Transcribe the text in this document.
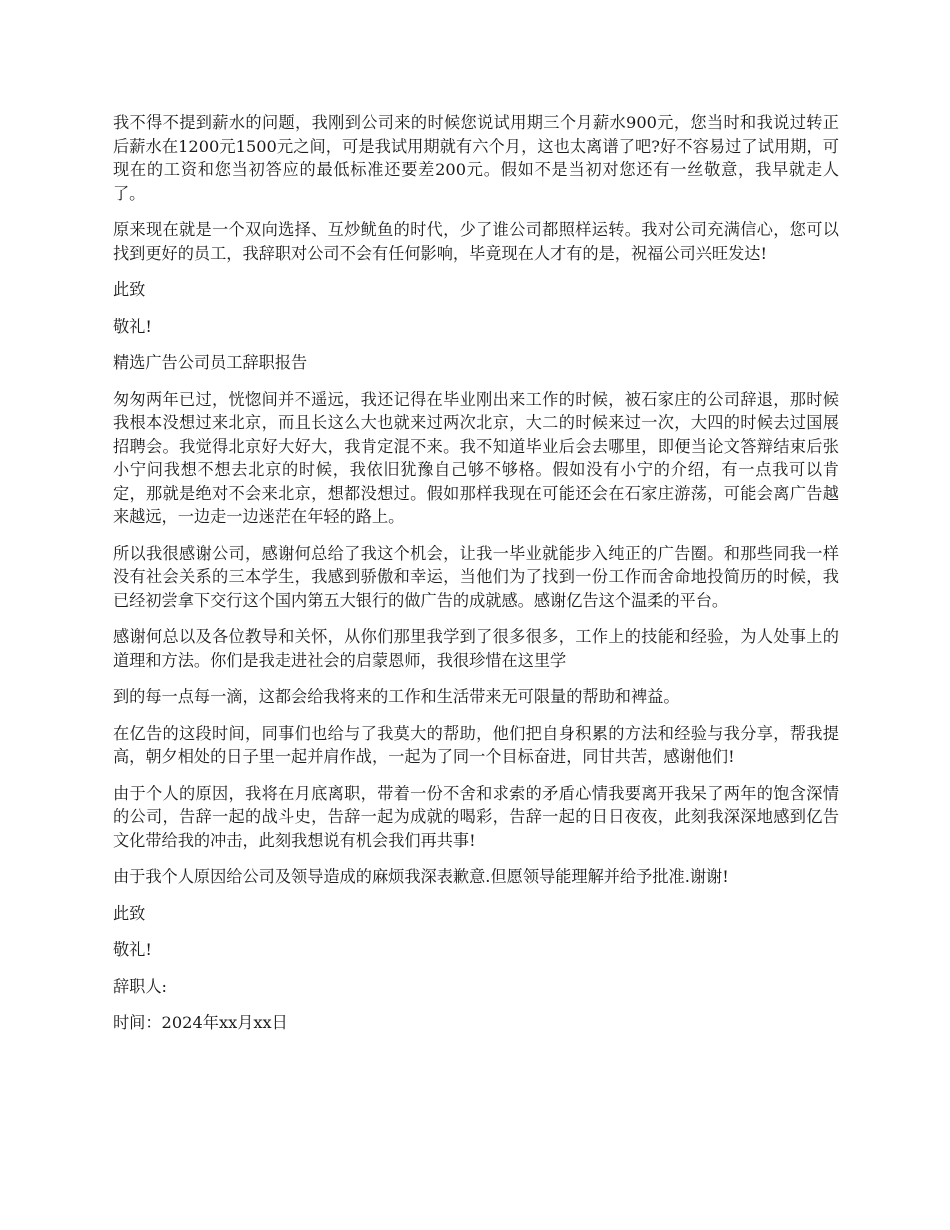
我不得不提到薪水的问题，我刚到公司来的时候您说试用期三个月薪水900元，您当时和我说过转正后薪水在1200元1500元之间，可是我试用期就有六个月，这也太离谱了吧?好不容易过了试用期，可现在的工资和您当初答应的最低标准还要差200元。假如不是当初对您还有一丝敬意，我早就走人了。

原来现在就是一个双向选择、互炒鱿鱼的时代，少了谁公司都照样运转。我对公司充满信心，您可以找到更好的员工，我辞职对公司不会有任何影响，毕竟现在人才有的是，祝福公司兴旺发达!

此致

敬礼!

精选广告公司员工辞职报告

匆匆两年已过，恍惚间并不遥远，我还记得在毕业刚出来工作的时候，被石家庄的公司辞退，那时候我根本没想过来北京，而且长这么大也就来过两次北京，大二的时候来过一次，大四的时候去过国展招聘会。我觉得北京好大好大，我肯定混不来。我不知道毕业后会去哪里，即便当论文答辩结束后张小宁问我想不想去北京的时候，我依旧犹豫自己够不够格。假如没有小宁的介绍，有一点我可以肯定，那就是绝对不会来北京，想都没想过。假如那样我现在可能还会在石家庄游荡，可能会离广告越来越远，一边走一边迷茫在年轻的路上。

所以我很感谢公司，感谢何总给了我这个机会，让我一毕业就能步入纯正的广告圈。和那些同我一样没有社会关系的三本学生，我感到骄傲和幸运，当他们为了找到一份工作而舍命地投简历的时候，我已经初尝拿下交行这个国内第五大银行的做广告的成就感。感谢亿告这个温柔的平台。

感谢何总以及各位教导和关怀，从你们那里我学到了很多很多，工作上的技能和经验，为人处事上的道理和方法。你们是我走进社会的启蒙恩师，我很珍惜在这里学

到的每一点每一滴，这都会给我将来的工作和生活带来无可限量的帮助和裨益。

在亿告的这段时间，同事们也给与了我莫大的帮助，他们把自身积累的方法和经验与我分享，帮我提高，朝夕相处的日子里一起并肩作战，一起为了同一个目标奋进，同甘共苦，感谢他们!

由于个人的原因，我将在月底离职，带着一份不舍和求索的矛盾心情我要离开我呆了两年的饱含深情的公司，告辞一起的战斗史，告辞一起为成就的喝彩，告辞一起的日日夜夜，此刻我深深地感到亿告文化带给我的冲击，此刻我想说有机会我们再共事!

由于我个人原因给公司及领导造成的麻烦我深表歉意.但愿领导能理解并给予批准.谢谢!

此致

敬礼!

辞职人:

时间：2024年xx月xx日
